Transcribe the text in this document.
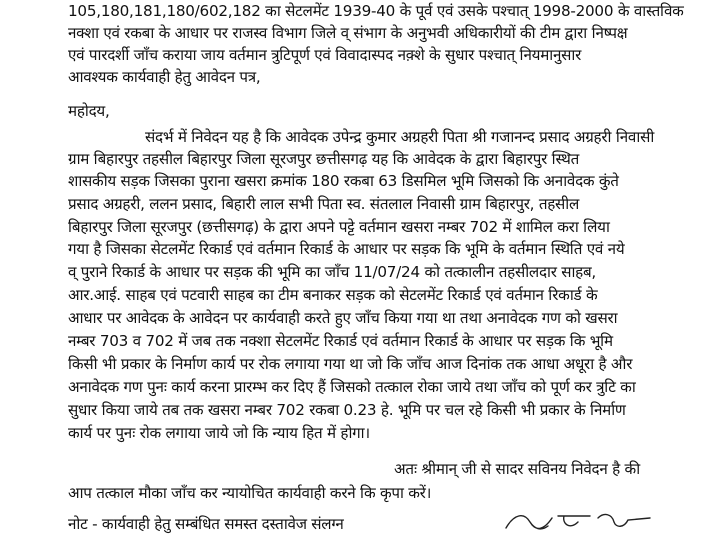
105,180,181,180/602,182 का सेटलमेंट 1939-40 के पूर्व एवं उसके पश्चात् 1998-2000 के वास्तविक
नक्शा एवं रकबा के आधार पर राजस्व विभाग जिले व् संभाग के अनुभवी अधिकारीयों की टीम द्वारा निष्पक्ष
एवं पारदर्शी जाँच कराया जाय वर्तमान त्रुटिपूर्ण एवं विवादास्पद नक़्शे के सुधार पश्चात् नियमानुसार
आवश्यक कार्यवाही हेतु आवेदन पत्र,
महोदय,
संदर्भ में निवेदन यह है कि आवेदक उपेन्द्र कुमार अग्रहरी पिता श्री गजानन्द प्रसाद अग्रहरी निवासी
ग्राम बिहारपुर तहसील बिहारपुर जिला सूरजपुर छत्तीसगढ़ यह कि आवेदक के द्वारा बिहारपुर स्थित
शासकीय सड़क जिसका पुराना खसरा क्रमांक 180 रकबा 63 डिसमिल भूमि जिसको कि अनावेदक कुंते
प्रसाद अग्रहरी, ललन प्रसाद, बिहारी लाल सभी पिता स्व. संतलाल निवासी ग्राम बिहारपुर, तहसील
बिहारपुर जिला सूरजपुर (छत्तीसगढ़) के द्वारा अपने पट्टे वर्तमान खसरा नम्बर 702 में शामिल करा लिया
गया है जिसका सेटलमेंट रिकार्ड एवं वर्तमान रिकार्ड के आधार पर सड़क कि भूमि के वर्तमान स्थिति एवं नये
व् पुराने रिकार्ड के आधार पर सड़क की भूमि का जाँच 11/07/24 को तत्कालीन तहसीलदार साहब,
आर.आई. साहब एवं पटवारी साहब का टीम बनाकर सड़क को सेटलमेंट रिकार्ड एवं वर्तमान रिकार्ड के
आधार पर आवेदक के आवेदन पर कार्यवाही करते हुए जाँच किया गया था तथा अनावेदक गण को खसरा
नम्बर 703 व 702 में जब तक नक्शा सेटलमेंट रिकार्ड एवं वर्तमान रिकार्ड के आधार पर सड़क कि भूमि
किसी भी प्रकार के निर्माण कार्य पर रोक लगाया गया था जो कि जाँच आज दिनांक तक आधा अधूरा है और
अनावेदक गण पुनः कार्य करना प्रारम्भ कर दिए हैं जिसको तत्काल रोका जाये तथा जाँच को पूर्ण कर त्रुटि का
सुधार किया जाये तब तक खसरा नम्बर 702 रकबा 0.23 हे. भूमि पर चल रहे किसी भी प्रकार के निर्माण
कार्य पर पुनः रोक लगाया जाये जो कि न्याय हित में होगा।
अतः श्रीमान् जी से सादर सविनय निवेदन है की
आप तत्काल मौका जाँच कर न्यायोचित कार्यवाही करने कि कृपा करें।
नोट - कार्यवाही हेतु सम्बंधित समस्त दस्तावेज संलग्न
